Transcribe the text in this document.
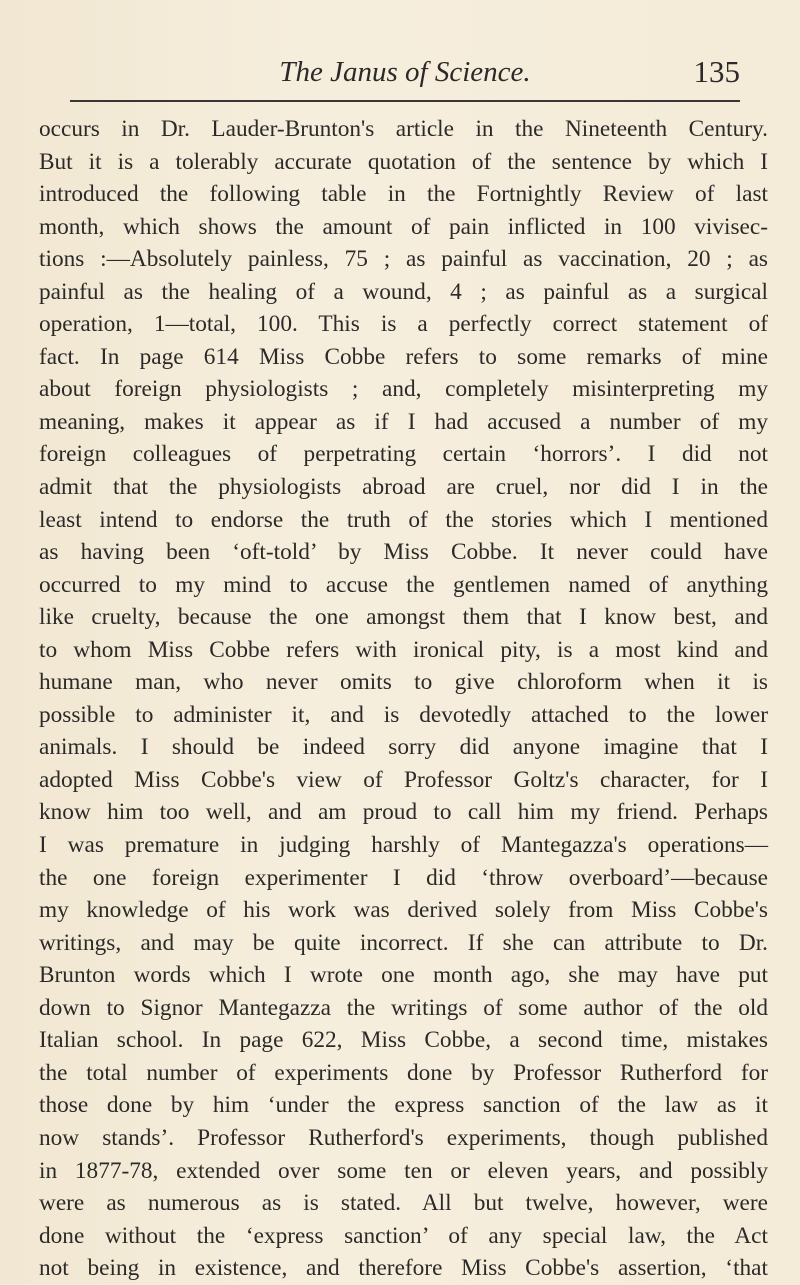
The Janus of Science.	135
occurs in Dr. Lauder-Brunton's article in the Nineteenth Century.
But it is a tolerably accurate quotation of the sentence by which I
introduced the following table in the Fortnightly Review of last
month, which shows the amount of pain inflicted in 100 vivisec-
tions :—Absolutely painless, 75 ; as painful as vaccination, 20 ; as
painful as the healing of a wound, 4 ; as painful as a surgical
operation, 1—total, 100. This is a perfectly correct statement of
fact. In page 614 Miss Cobbe refers to some remarks of mine
about foreign physiologists ; and, completely misinterpreting my
meaning, makes it appear as if I had accused a number of my
foreign colleagues of perpetrating certain ‘horrors’. I did not
admit that the physiologists abroad are cruel, nor did I in the
least intend to endorse the truth of the stories which I mentioned
as having been ‘oft-told’ by Miss Cobbe. It never could have
occurred to my mind to accuse the gentlemen named of anything
like cruelty, because the one amongst them that I know best, and
to whom Miss Cobbe refers with ironical pity, is a most kind and
humane man, who never omits to give chloroform when it is
possible to administer it, and is devotedly attached to the lower
animals. I should be indeed sorry did anyone imagine that I
adopted Miss Cobbe's view of Professor Goltz's character, for I
know him too well, and am proud to call him my friend. Perhaps
I was premature in judging harshly of Mantegazza's operations—
the one foreign experimenter I did ‘throw overboard’—because
my knowledge of his work was derived solely from Miss Cobbe's
writings, and may be quite incorrect. If she can attribute to Dr.
Brunton words which I wrote one month ago, she may have put
down to Signor Mantegazza the writings of some author of the old
Italian school. In page 622, Miss Cobbe, a second time, mistakes
the total number of experiments done by Professor Rutherford for
those done by him ‘under the express sanction of the law as it
now stands’. Professor Rutherford's experiments, though published
in 1877-78, extended over some ten or eleven years, and possibly
were as numerous as is stated. All but twelve, however, were
done without the ‘express sanction’ of any special law, the Act
not being in existence, and therefore Miss Cobbe's assertion, ‘that
